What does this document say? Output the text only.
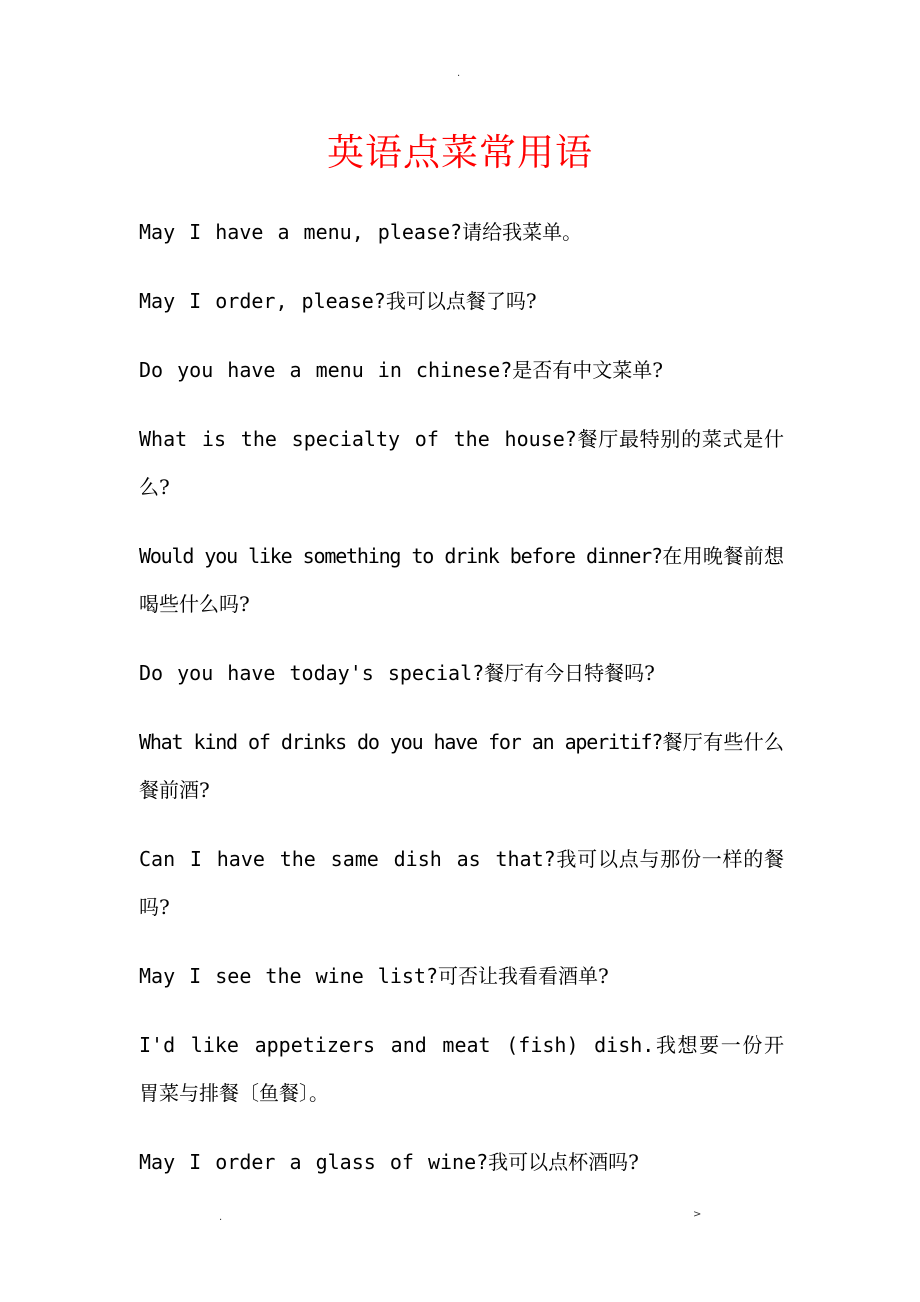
.
英语点菜常用语
May I have a menu, please?请给我菜单。
May I order, please?我可以点餐了吗?
Do you have a menu in chinese?是否有中文菜单?
What is the specialty of the house?餐厅最特别的菜式是什么?
Would you like something to drink before dinner?在用晚餐前想喝些什么吗?
Do you have today's special?餐厅有今日特餐吗?
What kind of drinks do you have for an aperitif?餐厅有些什么餐前酒?
Can I have the same dish as that?我可以点与那份一样的餐吗?
May I see the wine list?可否让我看看酒单?
I'd like appetizers and meat (fish) dish.我想要一份开胃菜与排餐〔鱼餐〕。
May I order a glass of wine?我可以点杯酒吗?
.	>
